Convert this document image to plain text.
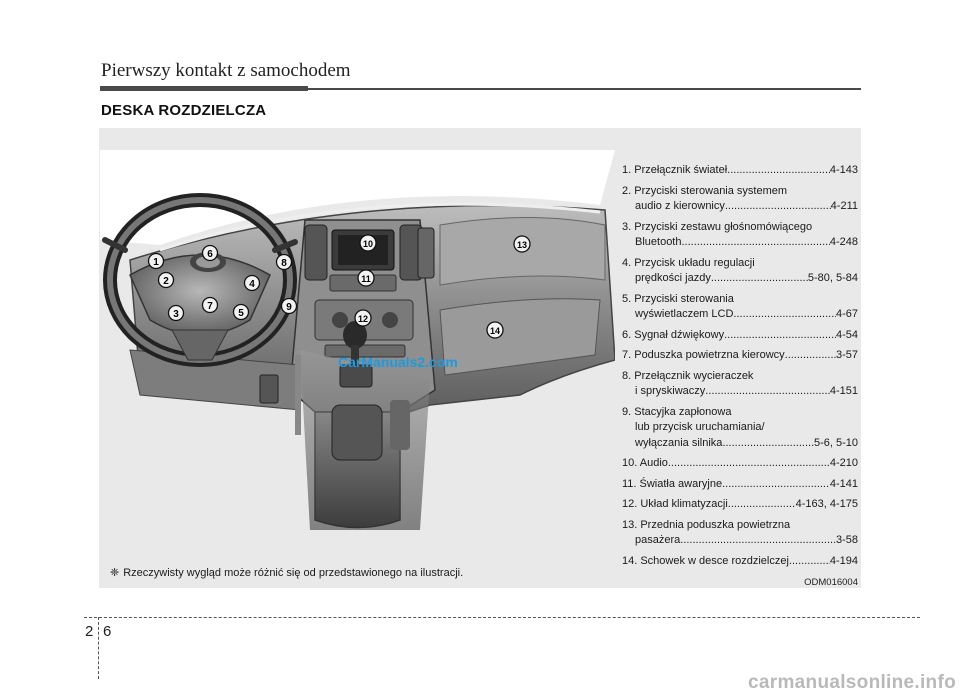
Pierwszy kontakt z samochodem
DESKA ROZDZIELCZA
CarManuals2.com
1
2
3
4
5
6
7
8
9
10
11
12
13
14
1. Przełącznik świateł .....	4-143
2. Przyciski sterowania systemem
audio z kierownicy .....	4-211
3. Przyciski zestawu głośnomówiącego
Bluetooth .....	4-248
4. Przycisk układu regulacji
prędkości jazdy .....	5-80, 5-84
5. Przyciski sterowania
wyświetlaczem LCD .....	4-67
6. Sygnał dźwiękowy .....	4-54
7. Poduszka powietrzna kierowcy .....	3-57
8. Przełącznik wycieraczek
i spryskiwaczy .....	4-151
9. Stacyjka zapłonowa
lub przycisk uruchamiania/
wyłączania silnika .....	5-6, 5-10
10. Audio .....	4-210
11. Światła awaryjne .....	4-141
12. Układ klimatyzacji .....	4-163, 4-175
13. Przednia poduszka powietrzna
pasażera .....	3-58
14. Schowek w desce rozdzielczej .....	4-194
❈ Rzeczywisty wygląd może różnić się od przedstawionego na ilustracji.
ODM016004
2 6
carmanualsonline.info
